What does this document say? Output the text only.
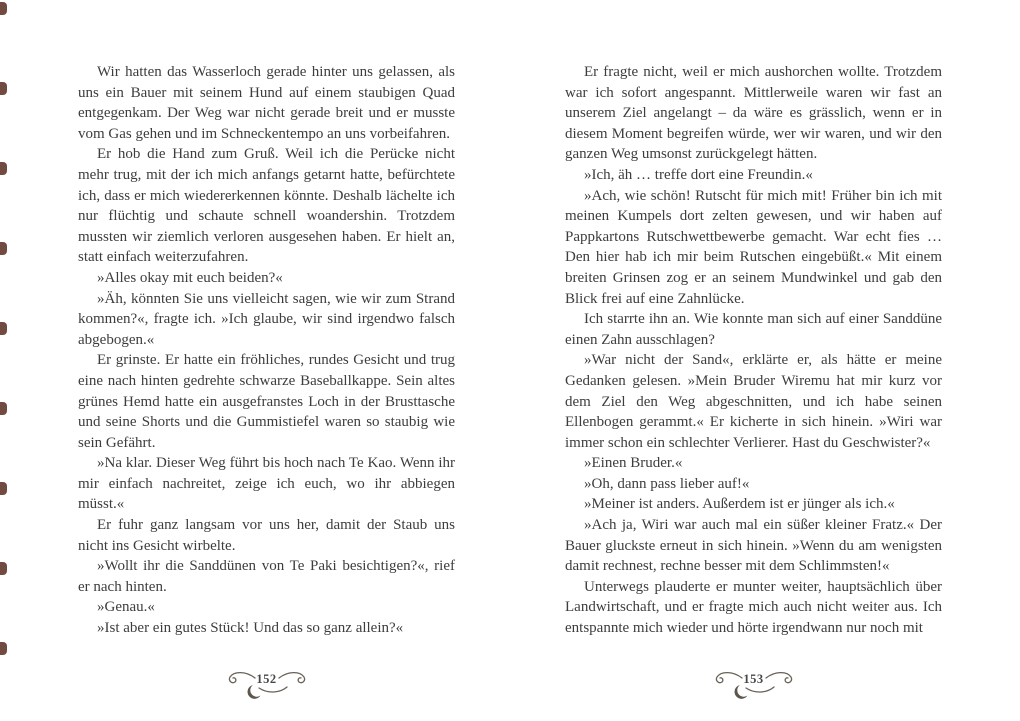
Wir hatten das Wasserloch gerade hinter uns gelassen, als uns ein Bauer mit seinem Hund auf einem staubigen Quad entgegenkam. Der Weg war nicht gerade breit und er musste vom Gas gehen und im Schneckentempo an uns vorbeifahren.

Er hob die Hand zum Gruß. Weil ich die Perücke nicht mehr trug, mit der ich mich anfangs getarnt hatte, befürchtete ich, dass er mich wiedererkennen könnte. Deshalb lächelte ich nur flüchtig und schaute schnell woandershin. Trotzdem mussten wir ziemlich verloren ausgesehen haben. Er hielt an, statt einfach weiterzufahren.

»Alles okay mit euch beiden?«

»Äh, könnten Sie uns vielleicht sagen, wie wir zum Strand kommen?«, fragte ich. »Ich glaube, wir sind irgendwo falsch abgebogen.«

Er grinste. Er hatte ein fröhliches, rundes Gesicht und trug eine nach hinten gedrehte schwarze Baseballkappe. Sein altes grünes Hemd hatte ein ausgefranstes Loch in der Brusttasche und seine Shorts und die Gummistiefel waren so staubig wie sein Gefährt.

»Na klar. Dieser Weg führt bis hoch nach Te Kao. Wenn ihr mir einfach nachreitet, zeige ich euch, wo ihr abbiegen müsst.«

Er fuhr ganz langsam vor uns her, damit der Staub uns nicht ins Gesicht wirbelte.

»Wollt ihr die Sanddünen von Te Paki besichtigen?«, rief er nach hinten.

»Genau.«

»Ist aber ein gutes Stück! Und das so ganz allein?«

152

Er fragte nicht, weil er mich aushorchen wollte. Trotzdem war ich sofort angespannt. Mittlerweile waren wir fast an unserem Ziel angelangt – da wäre es grässlich, wenn er in diesem Moment begreifen würde, wer wir waren, und wir den ganzen Weg umsonst zurückgelegt hätten.

»Ich, äh … treffe dort eine Freundin.«

»Ach, wie schön! Rutscht für mich mit! Früher bin ich mit meinen Kumpels dort zelten gewesen, und wir haben auf Pappkartons Rutschwettbewerbe gemacht. War echt fies … Den hier hab ich mir beim Rutschen eingebüßt.« Mit einem breiten Grinsen zog er an seinem Mundwinkel und gab den Blick frei auf eine Zahnlücke.

Ich starrte ihn an. Wie konnte man sich auf einer Sanddüne einen Zahn ausschlagen?

»War nicht der Sand«, erklärte er, als hätte er meine Gedanken gelesen. »Mein Bruder Wiremu hat mir kurz vor dem Ziel den Weg abgeschnitten, und ich habe seinen Ellenbogen gerammt.« Er kicherte in sich hinein. »Wiri war immer schon ein schlechter Verlierer. Hast du Geschwister?«

»Einen Bruder.«

»Oh, dann pass lieber auf!«

»Meiner ist anders. Außerdem ist er jünger als ich.«

»Ach ja, Wiri war auch mal ein süßer kleiner Fratz.« Der Bauer gluckste erneut in sich hinein. »Wenn du am wenigsten damit rechnest, rechne besser mit dem Schlimmsten!«

Unterwegs plauderte er munter weiter, hauptsächlich über Landwirtschaft, und er fragte mich auch nicht weiter aus. Ich entspannte mich wieder und hörte irgendwann nur noch mit

153
